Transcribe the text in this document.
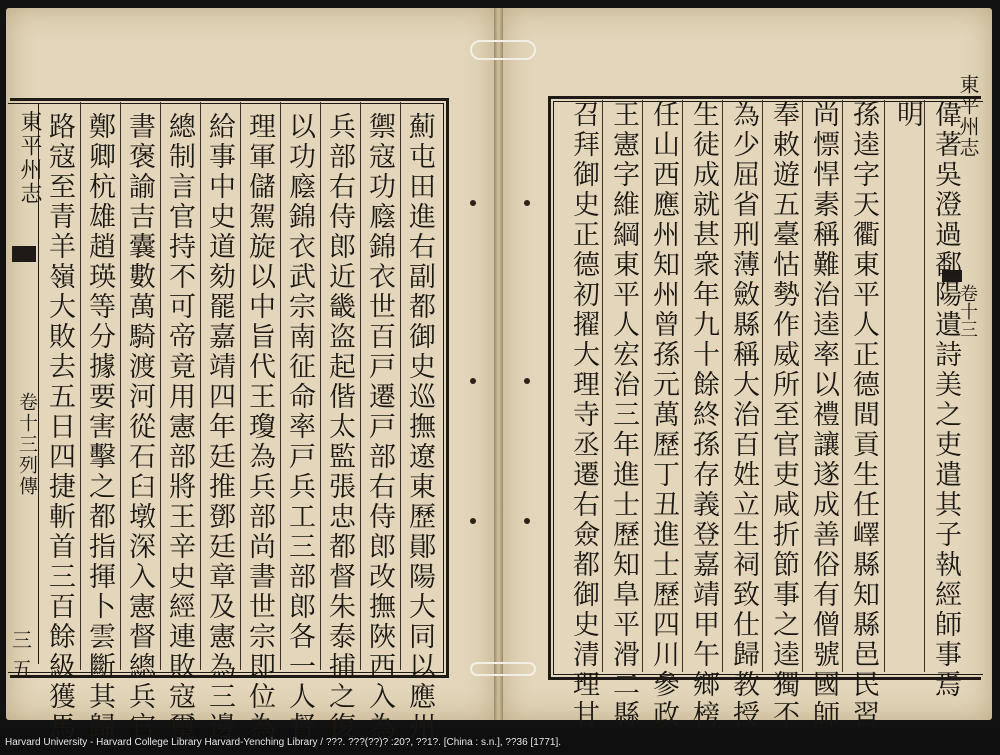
東平州志
卷十三列傳
三五	薊屯田進右副都御史巡撫遼東歷鄖陽大同以應州
禦寇功廕錦衣世百戸遷戸部右侍郎改撫陜西入為
兵部右侍郎近畿盗起偕太監張忠都督朱泰捕之復
以功廕錦衣武宗南征命率戸兵工三部郎各一人督
理軍儲駕旋以中旨代王瓊為兵部尚書世宗即位為
給事中史道劾罷嘉靖四年廷推鄧廷章及憲為三邊
總制言官持不可帝竟用憲部將王辛史經連敗寇璽
書褒諭吉囊數萬騎渡河從石臼墩深入憲督總兵官
鄭卿杭雄趙瑛等分據要害擊之都指揮卜雲斷其歸
路寇至青羊嶺大敗去五日四捷斬首三百餘級獲馬	東平州志
卷十三
偉著吳澄過鄱陽遺詩美之吏遣其子執經師事焉
明
孫逵字天衢東平人正德間貢生任嶧縣知縣邑民習
尚慓悍素稱難治逵率以禮讓遂成善俗有僧號國師
奉敕遊五臺怙勢作威所至官吏咸折節事之逵獨不
為少屈省刑薄斂縣稱大治百姓立生祠致仕歸教授
生徒成就甚衆年九十餘終孫存義登嘉靖甲午鄉榜
任山西應州知州曾孫元萬歷丁丑進士歷四川參政
王憲字維綱東平人宏治三年進士歷知阜平滑二縣
召拜御史正德初擢大理寺丞遷右僉都御史清理甘
Harvard University - Harvard College Library Harvard-Yenching Library / ???. ???(??)? :20?, ??1?. [China : s.n.], ??36 [1771].
